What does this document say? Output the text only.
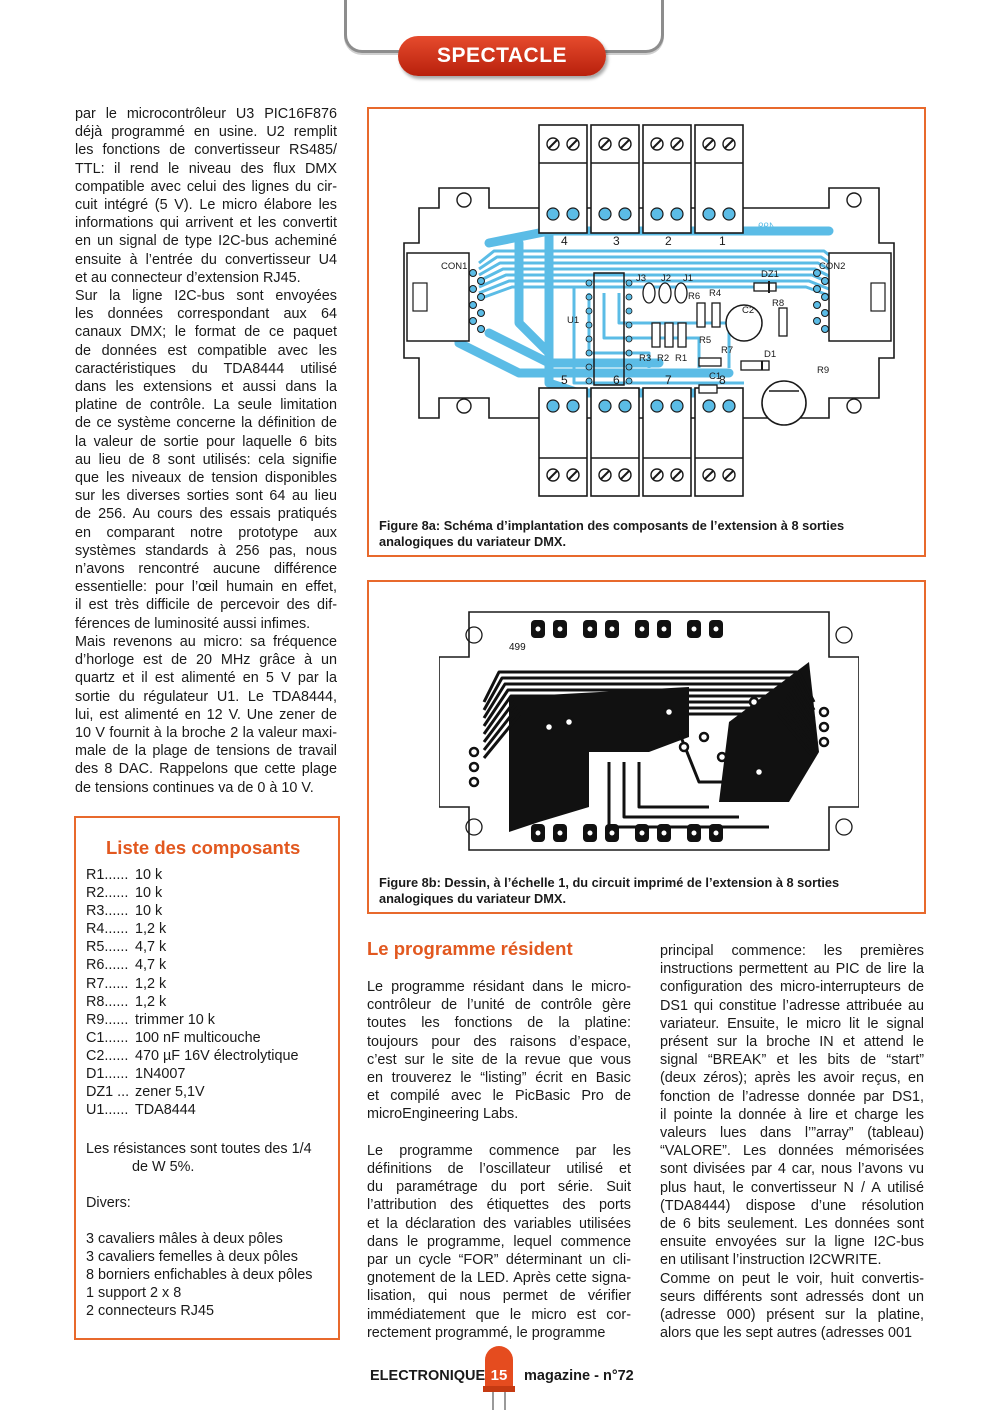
SPECTACLE
par le microcontrôleur U3 PIC16F876
déjà programmé en usine. U2 remplit
les fonctions de convertisseur RS485/
TTL: il rend le niveau des flux DMX
compatible avec celui des lignes du cir-
cuit intégré (5 V). Le micro élabore les
informations qui arrivent et les convertit
en un signal de type I2C-bus acheminé
ensuite à l’entrée du convertisseur U4
et au connecteur d’extension RJ45.
Sur la ligne I2C-bus sont envoyées
les données correspondant aux 64
canaux DMX; le format de ce paquet
de données est compatible avec les
caractéristiques du TDA8444 utilisé
dans les extensions et aussi dans la
platine de contrôle. La seule limitation
de ce système concerne la définition de
la valeur de sortie pour laquelle 6 bits
au lieu de 8 sont utilisés: cela signifie
que les niveaux de tension disponibles
sur les diverses sorties sont 64 au lieu
de 256. Au cours des essais pratiqués
en comparant notre prototype aux
systèmes standards à 256 pas, nous
n’avons rencontré aucune différence
essentielle: pour l’œil humain en effet,
il est très difficile de percevoir des dif-
férences de luminosité aussi infimes.
Mais revenons au micro: sa fréquence
d’horloge est de 20 MHz grâce à un
quartz et il est alimenté en 5 V par la
sortie du régulateur U1. Le TDA8444,
lui, est alimenté en 12 V. Une zener de
10 V fournit à la broche 2 la valeur maxi-
male de la plage de tensions de travail
des 8 DAC. Rappelons que cette plage
de tensions continues va de 0 à 10 V.
Liste des composants
R1...... 10 k
R2...... 10 k
R3...... 10 k
R4...... 1,2 k
R5...... 4,7 k
R6...... 4,7 k
R7...... 1,2 k
R8...... 1,2 k
R9...... trimmer 10 k
C1...... 100 nF multicouche
C2...... 470 µF 16V électrolytique
D1...... 1N4007
DZ1 ... zener 5,1V
U1...... TDA8444
Les résistances sont toutes des 1/4
de W 5%.
Divers:
3 cavaliers mâles à deux pôles
3 cavaliers femelles à deux pôles
8 borniers enfichables à deux pôles
1 support 2 x 8
2 connecteurs RJ45
CON1	CON2
U1
J3 J2 J1	DZ1
R6 R4
C2
R8
R5
R3 R2 R1
R7
C1
D1
R9
499
4	3	2	1
5	6	7	8
Figure 8a: Schéma d’implantation des composants de l’extension à 8 sorties
analogiques du variateur DMX.
499
Figure 8b: Dessin, à l’échelle 1, du circuit imprimé de l’extension à 8 sorties
analogiques du variateur DMX.
Le programme résident
Le programme résidant dans le micro-
contrôleur de l’unité de contrôle gère
toutes les fonctions de la platine:
toujours pour des raisons d’espace,
c’est sur le site de la revue que vous
en trouverez le “listing” écrit en Basic
et compilé avec le PicBasic Pro de
microEngineering Labs.
Le programme commence par les
définitions de l’oscillateur utilisé et
du paramétrage du port série. Suit
l’attribution des étiquettes des ports
et la déclaration des variables utilisées
dans le programme, lequel commence
par un cycle “FOR” déterminant un cli-
gnotement de la LED. Après cette signa-
lisation, qui nous permet de vérifier
immédiatement que le micro est cor-
rectement programmé, le programme
principal commence: les premières
instructions permettent au PIC de lire la
configuration des micro-interrupteurs de
DS1 qui constitue l’adresse attribuée au
variateur. Ensuite, le micro lit le signal
présent sur la broche IN et attend le
signal “BREAK” et les bits de “start”
(deux zéros); après les avoir reçus, en
fonction de l’adresse donnée par DS1,
il pointe la donnée à lire et charge les
valeurs lues dans l’”array” (tableau)
“VALORE”. Les données mémorisées
sont divisées par 4 car, nous l’avons vu
plus haut, le convertisseur N / A utilisé
(TDA8444) dispose d’une résolution
de 6 bits seulement. Les données sont
ensuite envoyées sur la ligne I2C-bus
en utilisant l’instruction I2CWRITE.
Comme on peut le voir, huit convertis-
seurs différents sont adressés dont un
(adresse 000) présent sur la platine,
alors que les sept autres (adresses 001
ELECTRONIQUE 15 magazine - n°72
